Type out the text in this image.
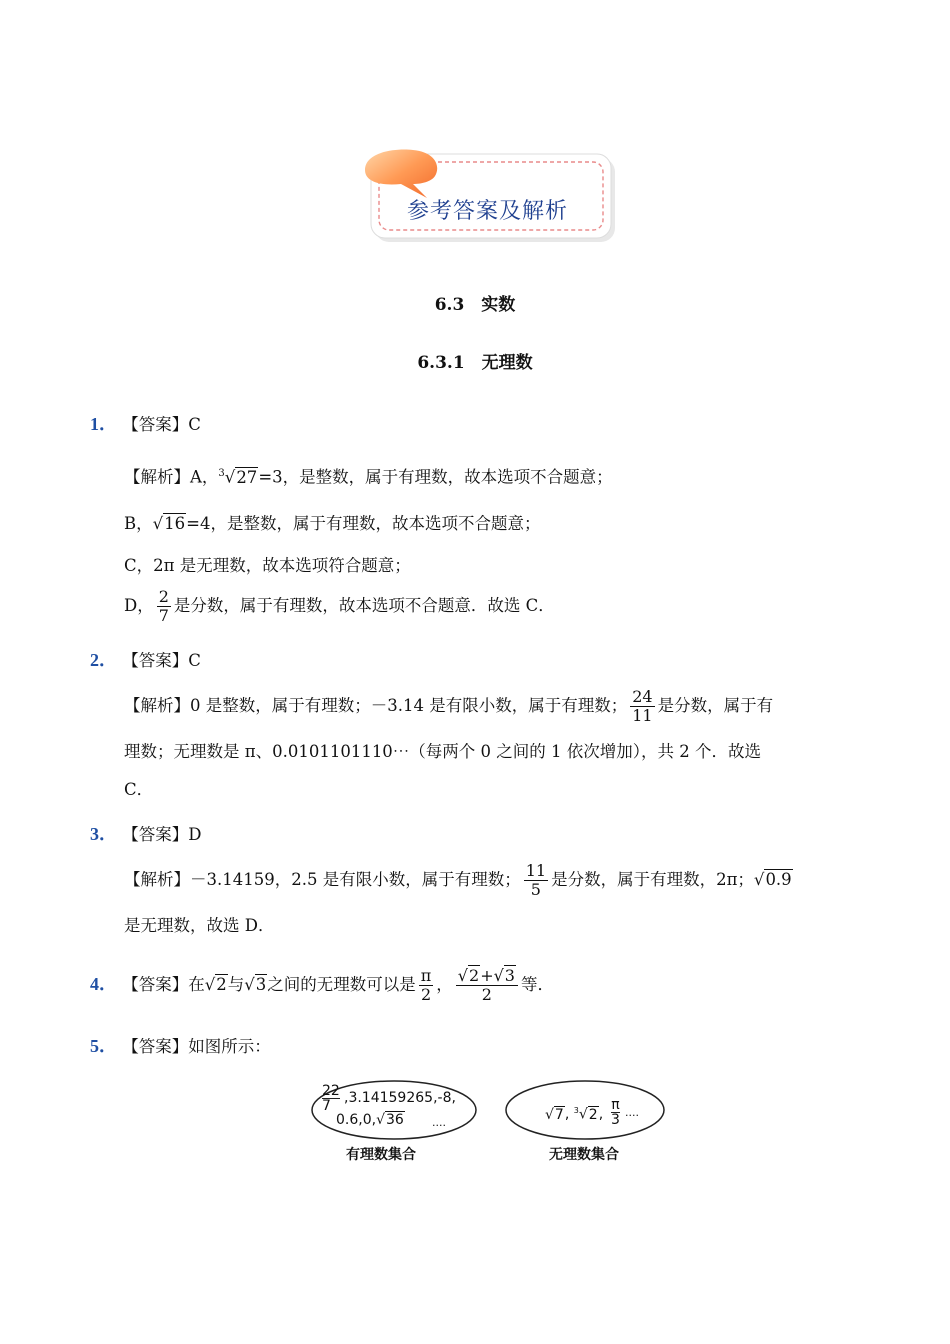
参考答案及解析
6.3　实数
6.3.1　无理数
1． 【答案】C
【解析】A，$^3$√27=3，是整数，属于有理数，故本选项不合题意；
B，√16=4，是整数，属于有理数，故本选项不合题意；
C，2π 是无理数，故本选项符合题意；
D， $\frac{2}{7}$ 是分数，属于有理数，故本选项不合题意．故选 C．
2． 【答案】C
【解析】0 是整数，属于有理数；－3.14 是有限小数，属于有理数； $\frac{24}{11}$ 是分数，属于有
理数；无理数是 π、0.0101101110⋯（每两个 0 之间的 1 依次增加），共 2 个．故选
C．
3． 【答案】D
【解析】－3.14159，2.5 是有限小数，属于有理数； $\frac{11}{5}$ 是分数，属于有理数，2π；√0.9
是无理数，故选 D．
4． 【答案】在√2与√3之间的无理数可以是 $\frac{\pi}{2}$ ， $\frac{√2+√3}{2}$ 等．
5． 【答案】如图所示：
$\frac{22}{7} ,3.14159265,-8$,
0.6,0,√36	....
有理数集合
√7, $^3$√2, $\frac{\pi}{3}$ ....
无理数集合
